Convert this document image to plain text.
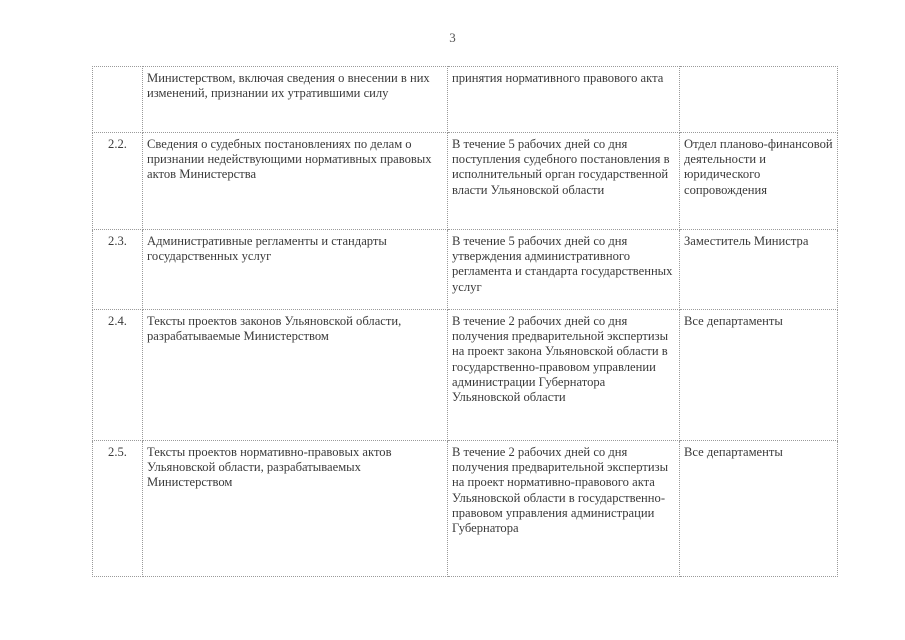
3
	Министерством, включая сведения о внесении в них изменений, признании их утратившими силу	принятия нормативного правового акта	
2.2.	Сведения о судебных постановлениях по делам о признании недействующими нормативных правовых актов Министерства	В течение 5 рабочих дней со дня поступления судебного постановления в исполнительный орган государственной власти Ульяновской области	Отдел планово-финансовой деятельности и юридического сопровождения
2.3.	Административные регламенты и стандарты государственных услуг	В течение 5 рабочих дней со дня утверждения административного регламента и стандарта государственных услуг	Заместитель Министра
2.4.	Тексты проектов законов Ульяновской области, разрабатываемые Министерством	В течение 2 рабочих дней со дня получения предварительной экспертизы на проект закона Ульяновской области в государственно-правовом управлении администрации Губернатора Ульяновской области	Все департаменты
2.5.	Тексты проектов нормативно-правовых актов Ульяновской области, разрабатываемых Министерством	В течение 2 рабочих дней со дня получения предварительной экспертизы на проект нормативно-правового акта Ульяновской области в государственно-правовом управления администрации Губернатора	Все департаменты
